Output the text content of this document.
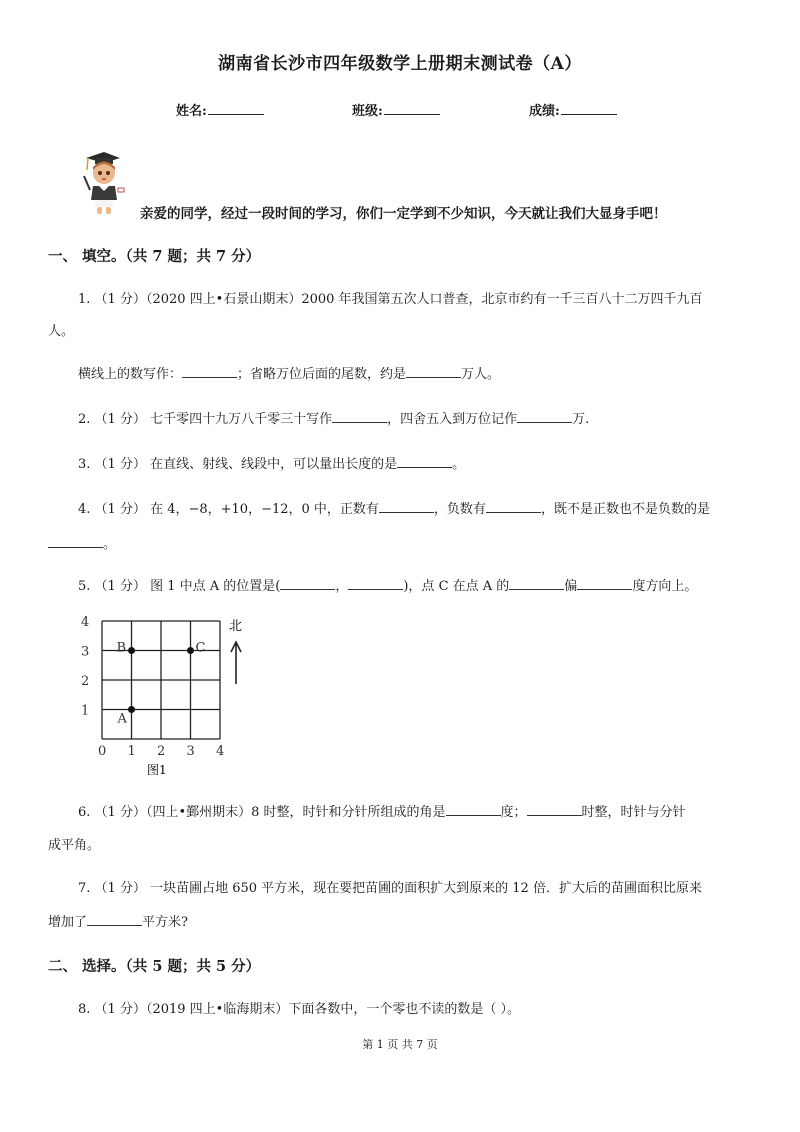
湖南省长沙市四年级数学上册期末测试卷（A）
姓名:	班级:	成绩:
亲爱的同学，经过一段时间的学习，你们一定学到不少知识，今天就让我们大显身手吧！
一、 填空。（共 7 题；共 7 分）
1. （1 分）（2020 四上•石景山期末）2000 年我国第五次人口普查，北京市约有一千三百八十二万四千九百
人。
横线上的数写作：	；省略万位后面的尾数，约是	万人。
2. （1 分） 七千零四十九万八千零三十写作	，四舍五入到万位记作	万.
3. （1 分） 在直线、射线、线段中，可以量出长度的是	。
4. （1 分） 在 4，−8，+10，−12，0 中，正数有	，负数有	，既不是正数也不是负数的是
。
5. （1 分） 图 1 中点 A 的位置是(	，	)，点 C 在点 A 的	偏	度方向上。
0 1 2 3 4
1
2
3
4
A
B	C
北
图1
6. （1 分）（四上•鄞州期末）8 时整，时针和分针所组成的角是	度；	时整，时针与分针
成平角。
7. （1 分） 一块苗圃占地 650 平方米，现在要把苗圃的面积扩大到原来的 12 倍．扩大后的苗圃面积比原来
增加了	平方米?
二、 选择。（共 5 题；共 5 分）
8. （1 分）（2019 四上•临海期末）下面各数中，一个零也不读的数是（ ）。
第 1 页 共 7 页
